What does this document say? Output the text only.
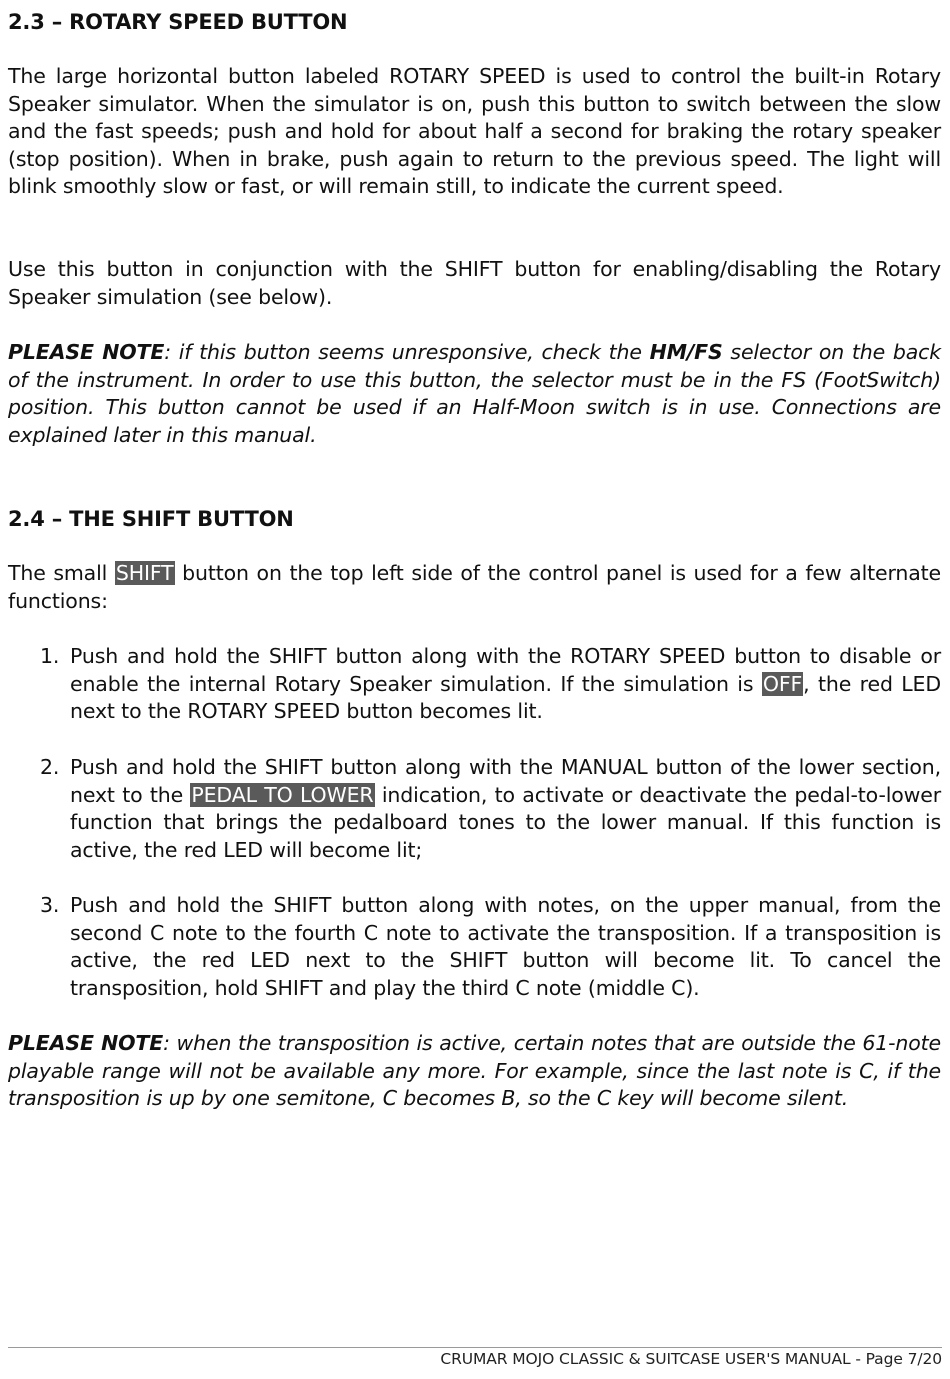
2.3 – ROTARY SPEED BUTTON

The large horizontal button labeled ROTARY SPEED is used to control the built-in Rotary Speaker simulator. When the simulator is on, push this button to switch between the slow and the fast speeds; push and hold for about half a second for braking the rotary speaker (stop position). When in brake, push again to return to the previous speed. The light will blink smoothly slow or fast, or will remain still, to indicate the current speed.

Use this button in conjunction with the SHIFT button for enabling/disabling the Rotary Speaker simulation (see below).

PLEASE NOTE: if this button seems unresponsive, check the HM/FS selector on the back of the instrument. In order to use this button, the selector must be in the FS (FootSwitch) position. This button cannot be used if an Half-Moon switch is in use. Connections are explained later in this manual.

2.4 – THE SHIFT BUTTON

The small SHIFT button on the top left side of the control panel is used for a few alternate functions:

1. Push and hold the SHIFT button along with the ROTARY SPEED button to disable or enable the internal Rotary Speaker simulation. If the simulation is OFF, the red LED next to the ROTARY SPEED button becomes lit.
2. Push and hold the SHIFT button along with the MANUAL button of the lower section, next to the PEDAL TO LOWER indication, to activate or deactivate the pedal-to-lower function that brings the pedalboard tones to the lower manual. If this function is active, the red LED will become lit;
3. Push and hold the SHIFT button along with notes, on the upper manual, from the second C note to the fourth C note to activate the transposition. If a transposition is active, the red LED next to the SHIFT button will become lit. To cancel the transposition, hold SHIFT and play the third C note (middle C).

PLEASE NOTE: when the transposition is active, certain notes that are outside the 61-note playable range will not be available any more. For example, since the last note is C, if the transposition is up by one semitone, C becomes B, so the C key will become silent.

CRUMAR MOJO CLASSIC & SUITCASE USER'S MANUAL - Page 7/20
